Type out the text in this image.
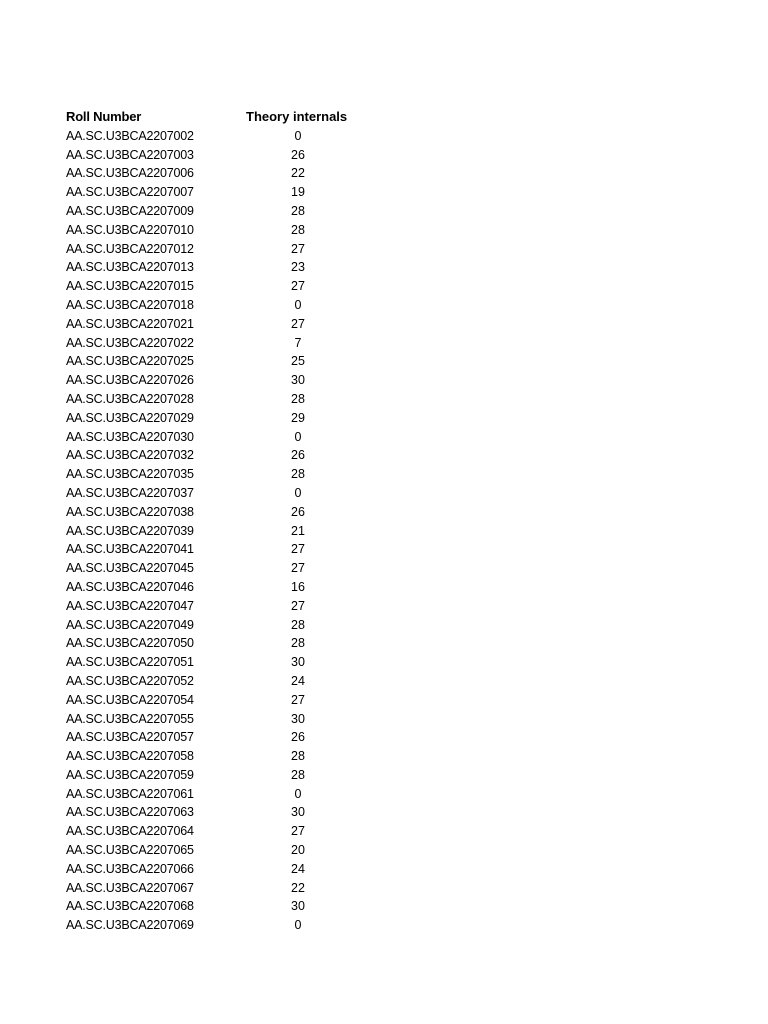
Roll Number	Theory internals
AA.SC.U3BCA2207002	0
AA.SC.U3BCA2207003	26
AA.SC.U3BCA2207006	22
AA.SC.U3BCA2207007	19
AA.SC.U3BCA2207009	28
AA.SC.U3BCA2207010	28
AA.SC.U3BCA2207012	27
AA.SC.U3BCA2207013	23
AA.SC.U3BCA2207015	27
AA.SC.U3BCA2207018	0
AA.SC.U3BCA2207021	27
AA.SC.U3BCA2207022	7
AA.SC.U3BCA2207025	25
AA.SC.U3BCA2207026	30
AA.SC.U3BCA2207028	28
AA.SC.U3BCA2207029	29
AA.SC.U3BCA2207030	0
AA.SC.U3BCA2207032	26
AA.SC.U3BCA2207035	28
AA.SC.U3BCA2207037	0
AA.SC.U3BCA2207038	26
AA.SC.U3BCA2207039	21
AA.SC.U3BCA2207041	27
AA.SC.U3BCA2207045	27
AA.SC.U3BCA2207046	16
AA.SC.U3BCA2207047	27
AA.SC.U3BCA2207049	28
AA.SC.U3BCA2207050	28
AA.SC.U3BCA2207051	30
AA.SC.U3BCA2207052	24
AA.SC.U3BCA2207054	27
AA.SC.U3BCA2207055	30
AA.SC.U3BCA2207057	26
AA.SC.U3BCA2207058	28
AA.SC.U3BCA2207059	28
AA.SC.U3BCA2207061	0
AA.SC.U3BCA2207063	30
AA.SC.U3BCA2207064	27
AA.SC.U3BCA2207065	20
AA.SC.U3BCA2207066	24
AA.SC.U3BCA2207067	22
AA.SC.U3BCA2207068	30
AA.SC.U3BCA2207069	0
